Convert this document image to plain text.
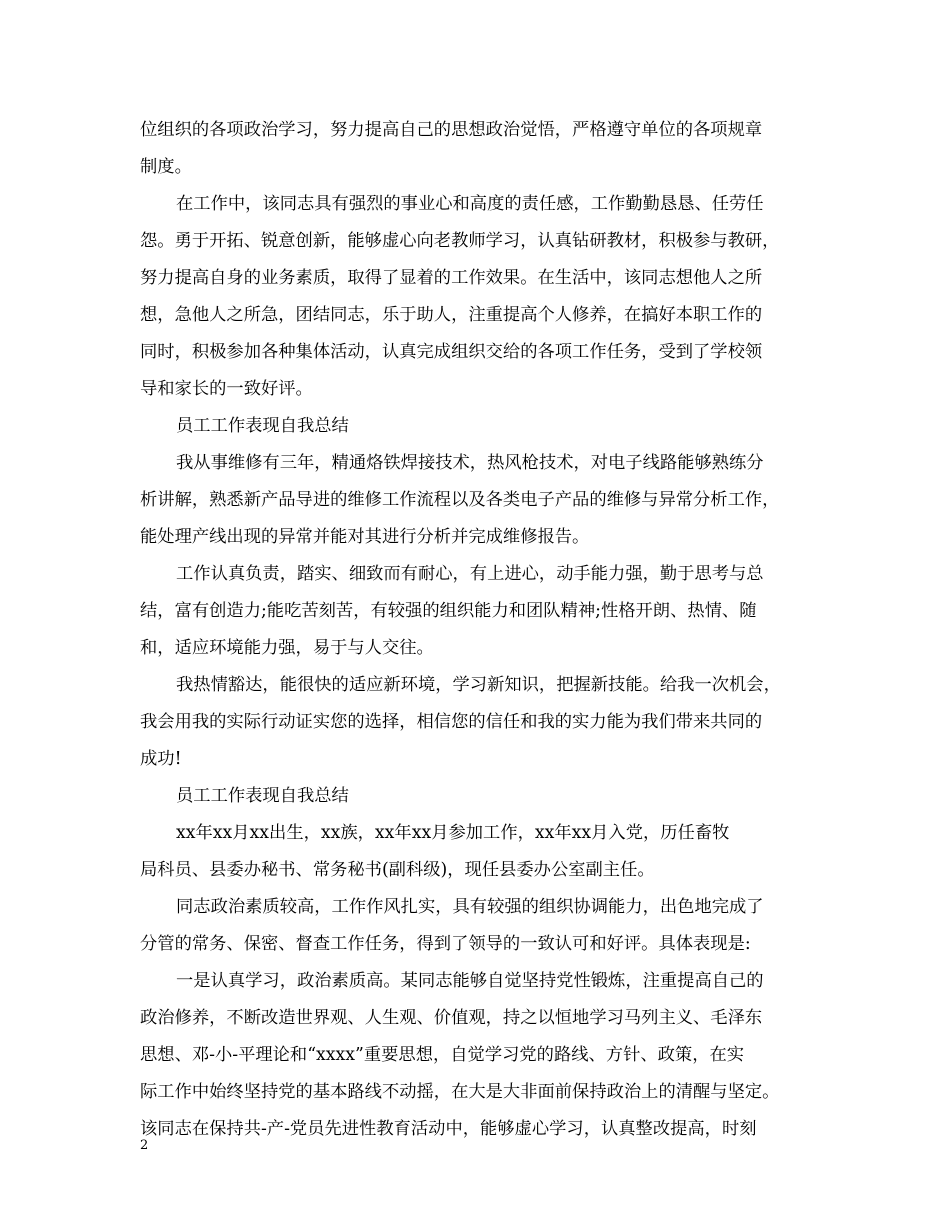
位组织的各项政治学习，努力提高自己的思想政治觉悟，严格遵守单位的各项规章
制度。
在工作中，该同志具有强烈的事业心和高度的责任感，工作勤勤恳恳、任劳任
怨。勇于开拓、锐意创新，能够虚心向老教师学习，认真钻研教材，积极参与教研，
努力提高自身的业务素质，取得了显着的工作效果。在生活中，该同志想他人之所
想，急他人之所急，团结同志，乐于助人，注重提高个人修养，在搞好本职工作的
同时，积极参加各种集体活动，认真完成组织交给的各项工作任务，受到了学校领
导和家长的一致好评。
员工工作表现自我总结
我从事维修有三年，精通烙铁焊接技术，热风枪技术，对电子线路能够熟练分
析讲解，熟悉新产品导进的维修工作流程以及各类电子产品的维修与异常分析工作，
能处理产线出现的异常并能对其进行分析并完成维修报告。
工作认真负责，踏实、细致而有耐心，有上进心，动手能力强，勤于思考与总
结，富有创造力;能吃苦刻苦，有较强的组织能力和团队精神;性格开朗、热情、随
和，适应环境能力强，易于与人交往。
我热情豁达，能很快的适应新环境，学习新知识，把握新技能。给我一次机会，
我会用我的实际行动证实您的选择，相信您的信任和我的实力能为我们带来共同的
成功!
员工工作表现自我总结
xx年xx月xx出生，xx族，xx年xx月参加工作，xx年xx月入党，历任畜牧
局科员、县委办秘书、常务秘书(副科级)，现任县委办公室副主任。
同志政治素质较高，工作作风扎实，具有较强的组织协调能力，出色地完成了
分管的常务、保密、督查工作任务，得到了领导的一致认可和好评。具体表现是:
一是认真学习，政治素质高。某同志能够自觉坚持党性锻炼，注重提高自己的
政治修养，不断改造世界观、人生观、价值观，持之以恒地学习马列主义、毛泽东
思想、邓-小-平理论和“xxxx”重要思想，自觉学习党的路线、方针、政策，在实
际工作中始终坚持党的基本路线不动摇，在大是大非面前保持政治上的清醒与坚定。
该同志在保持共-产-党员先进性教育活动中，能够虚心学习，认真整改提高，时刻
2
